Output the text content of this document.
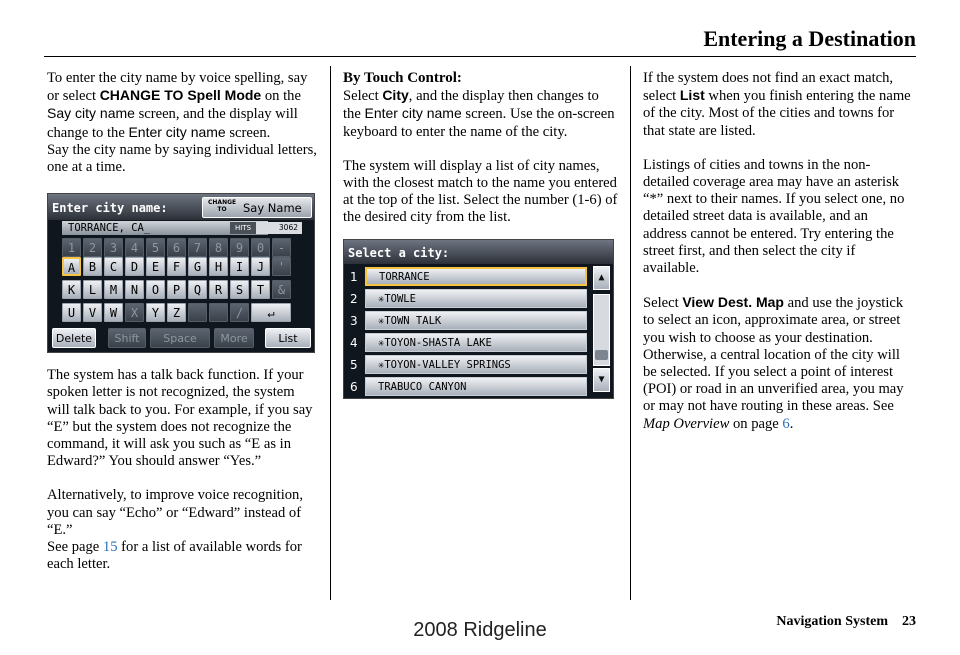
Entering a Destination

To enter the city name by voice spelling, say or select CHANGE TO Spell Mode on the Say city name screen, and the display will change to the Enter city name screen.
Say the city name by saying individual letters, one at a time.

Enter city name:	CHANGE TO	Say Name
TORRANCE, CA_	HITS	3062
1	2	3	4	5	6	7	8	9	0	-
A	B	C	D	E	F	G	H	I	J	'
K	L	M	N	O	P	Q	R	S	T	&
U	V	W	X	Y	Z	/	↵
Delete	Shift	Space	More	List

The system has a talk back function. If your spoken letter is not recognized, the system will talk back to you. For example, if you say “E” but the system does not recognize the command, it will ask you such as “E as in Edward?” You should answer “Yes.”

Alternatively, to improve voice recognition, you can say “Echo” or “Edward” instead of “E.”
See page 15 for a list of available words for each letter.

By Touch Control:

Select City, and the display then changes to the Enter city name screen. Use the on-screen keyboard to enter the name of the city.

The system will display a list of city names, with the closest match to the name you entered at the top of the list. Select the number (1-6) of the desired city from the list.

Select a city:
1	TORRANCE
2	✳TOWLE
3	✳TOWN TALK
4	✳TOYON-SHASTA LAKE
5	✳TOYON-VALLEY SPRINGS
6	TRABUCO CANYON
▲
▼

If the system does not find an exact match, select List when you finish entering the name of the city. Most of the cities and towns for that state are listed.

Listings of cities and towns in the non-detailed coverage area may have an asterisk “*” next to their names. If you select one, no detailed street data is available, and an address cannot be entered. Try entering the street first, and then select the city if available.

Select View Dest. Map and use the joystick to select an icon, approximate area, or street you wish to choose as your destination. Otherwise, a central location of the city will be selected. If you select a point of interest (POI) or road in an unverified area, you may or may not have routing in these areas. See Map Overview on page 6.

Navigation System 23
2008 Ridgeline
